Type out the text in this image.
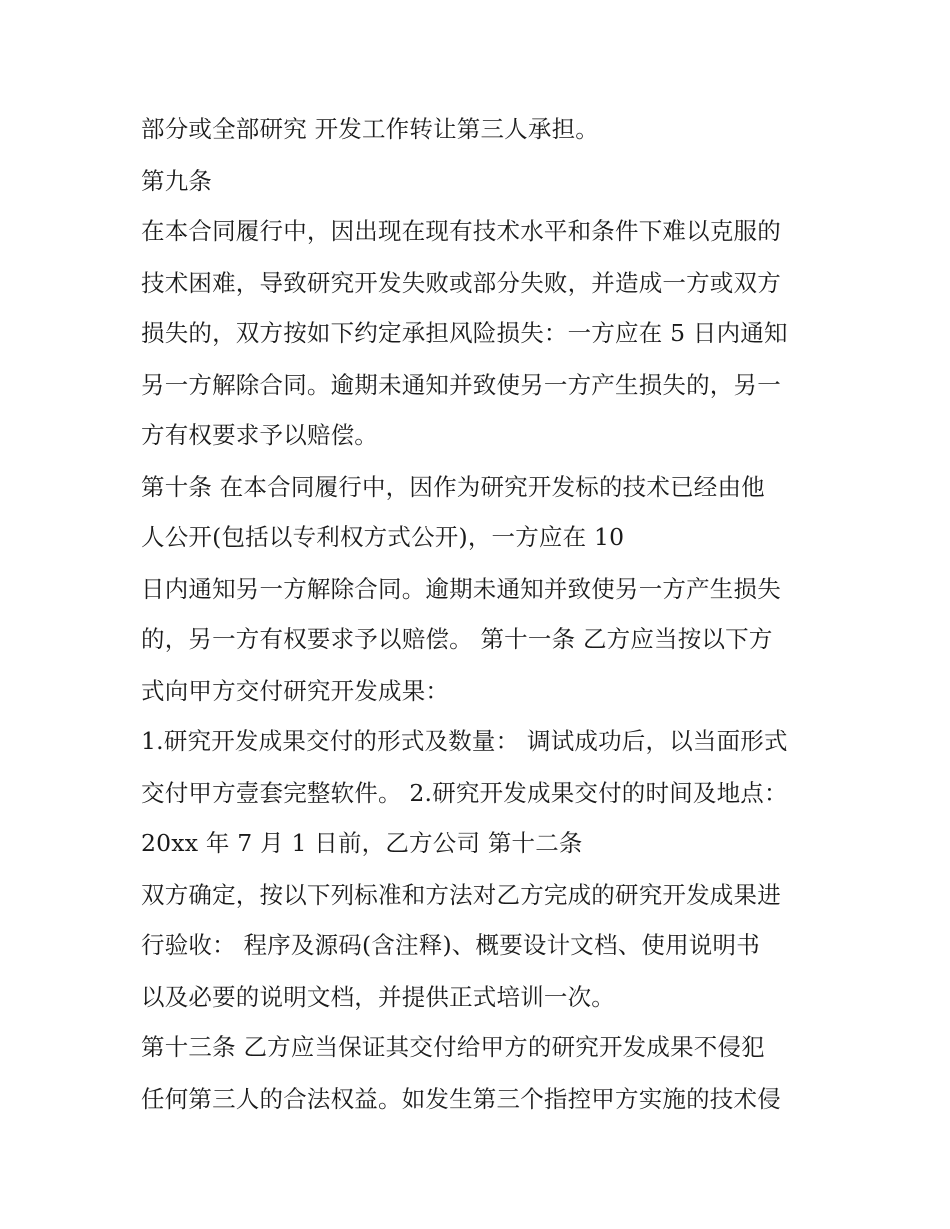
部分或全部研究 开发工作转让第三人承担。
第九条
在本合同履行中，因出现在现有技术水平和条件下难以克服的
技术困难，导致研究开发失败或部分失败，并造成一方或双方
损失的，双方按如下约定承担风险损失：一方应在 5 日内通知
另一方解除合同。逾期未通知并致使另一方产生损失的，另一
方有权要求予以赔偿。
第十条 在本合同履行中，因作为研究开发标的技术已经由他
人公开(包括以专利权方式公开)，一方应在 10
日内通知另一方解除合同。逾期未通知并致使另一方产生损失
的，另一方有权要求予以赔偿。 第十一条 乙方应当按以下方
式向甲方交付研究开发成果：
1.研究开发成果交付的形式及数量： 调试成功后，以当面形式
交付甲方壹套完整软件。 2.研究开发成果交付的时间及地点：
20xx 年 7 月 1 日前，乙方公司 第十二条
双方确定，按以下列标准和方法对乙方完成的研究开发成果进
行验收： 程序及源码(含注释)、概要设计文档、使用说明书
以及必要的说明文档，并提供正式培训一次。
第十三条 乙方应当保证其交付给甲方的研究开发成果不侵犯
任何第三人的合法权益。如发生第三个指控甲方实施的技术侵
